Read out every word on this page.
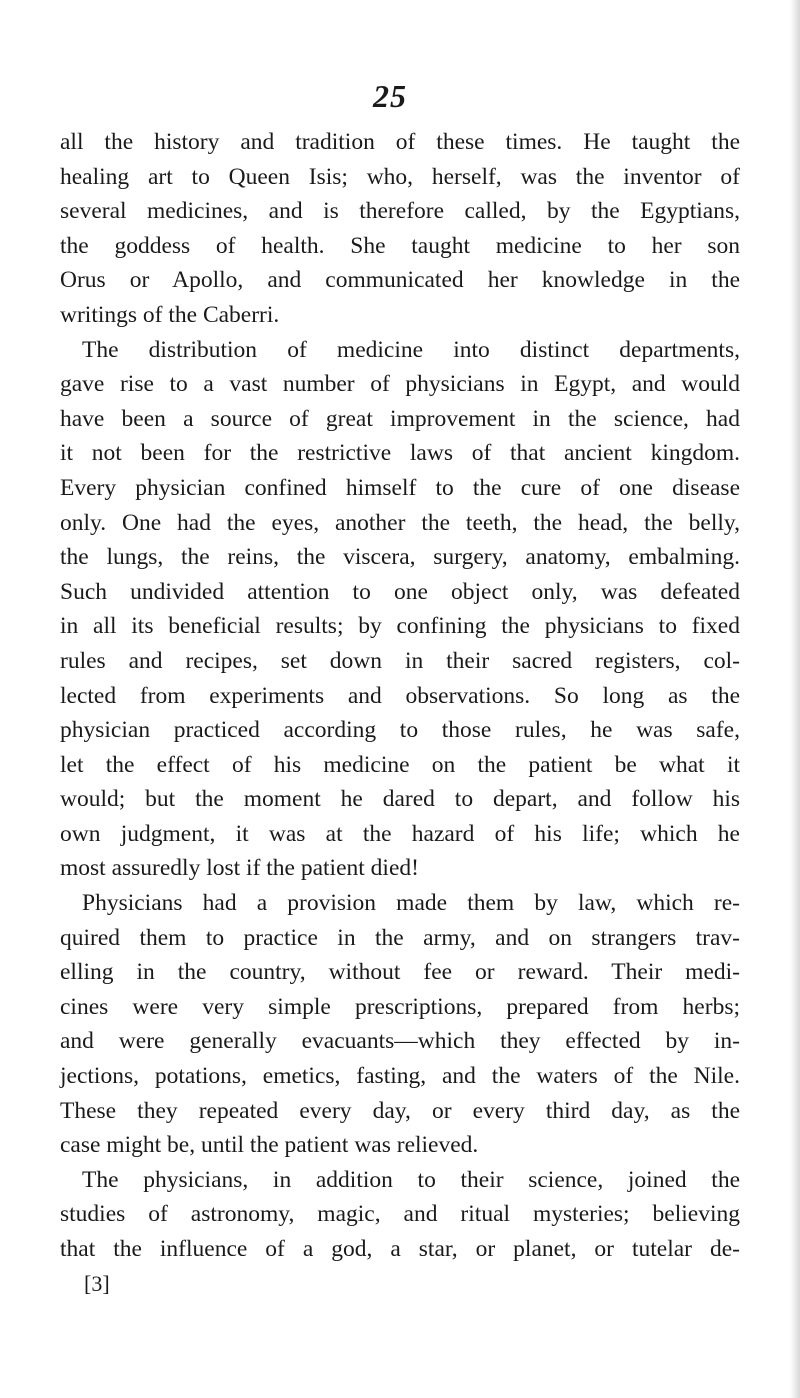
25
all the history and tradition of these times. He taught the
healing art to Queen Isis; who, herself, was the inventor of
several medicines, and is therefore called, by the Egyptians,
the goddess of health. She taught medicine to her son
Orus or Apollo, and communicated her knowledge in the
writings of the Caberri.
The distribution of medicine into distinct departments,
gave rise to a vast number of physicians in Egypt, and would
have been a source of great improvement in the science, had
it not been for the restrictive laws of that ancient kingdom.
Every physician confined himself to the cure of one disease
only. One had the eyes, another the teeth, the head, the belly,
the lungs, the reins, the viscera, surgery, anatomy, embalming.
Such undivided attention to one object only, was defeated
in all its beneficial results; by confining the physicians to fixed
rules and recipes, set down in their sacred registers, col-
lected from experiments and observations. So long as the
physician practiced according to those rules, he was safe,
let the effect of his medicine on the patient be what it
would; but the moment he dared to depart, and follow his
own judgment, it was at the hazard of his life; which he
most assuredly lost if the patient died!
Physicians had a provision made them by law, which re-
quired them to practice in the army, and on strangers trav-
elling in the country, without fee or reward. Their medi-
cines were very simple prescriptions, prepared from herbs;
and were generally evacuants—which they effected by in-
jections, potations, emetics, fasting, and the waters of the Nile.
These they repeated every day, or every third day, as the
case might be, until the patient was relieved.
The physicians, in addition to their science, joined the
studies of astronomy, magic, and ritual mysteries; believing
that the influence of a god, a star, or planet, or tutelar de-
[3]
